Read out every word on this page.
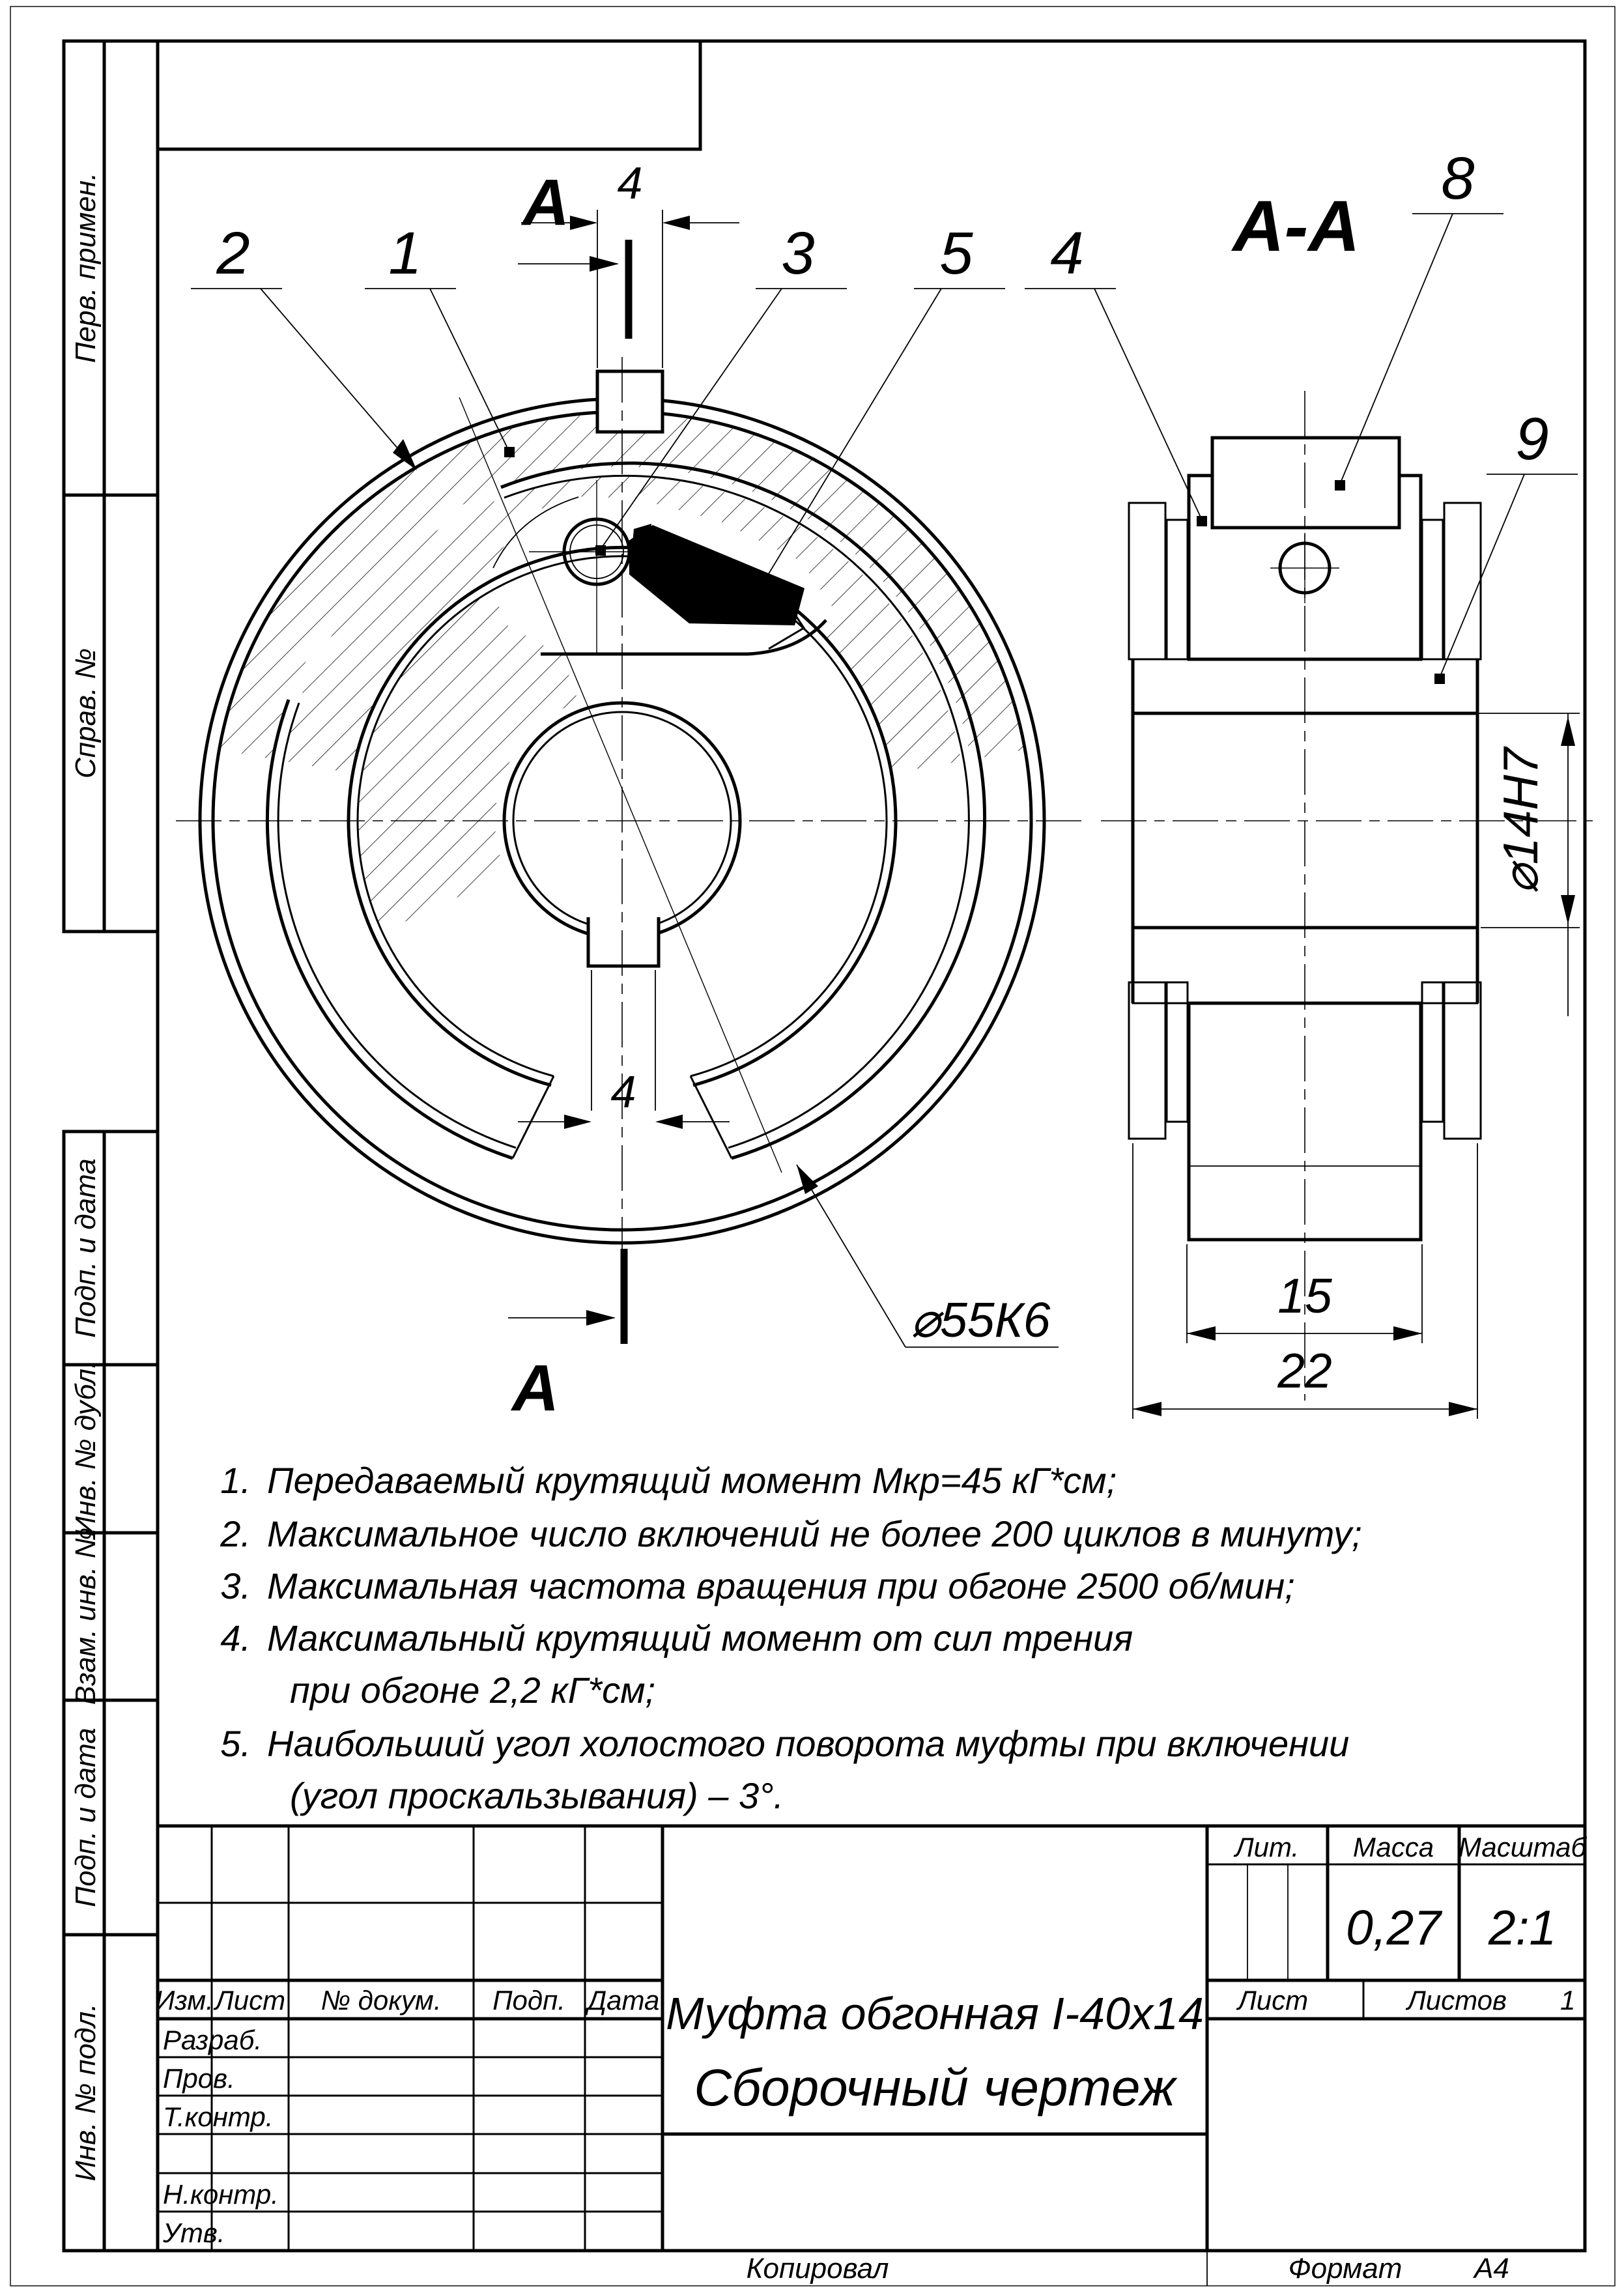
Перв. примен.
Справ. №
Подп. и дата
Инв. № дубл.
Взам. инв. №
Подп. и дата
Инв. № подл.
4
А
А
4
⌀55К6
А-А
⌀14Н7
15
22
2 1	3 5 4
8
9
1. Передаваемый крутящий момент Мкр=45 кГ*см;
2. Максимальное число включений не более 200 циклов в минуту;
3. Максимальная частота вращения при обгоне 2500 об/мин;
4. Максимальный крутящий момент от сил трения
при обгоне 2,2 кГ*см;
5. Наибольший угол холостого поворота муфты при включении
(угол проскальзывания) – 3°.
Изм. Лист № докум. Подп. Дата
Разраб.
Пров.
Т.контр.
Н.контр.
Утв.
Муфта обгонная I-40х14
Сборочный чертеж
Лит. Масса Масштаб
0,27 2:1
Лист	Листов 1
Копировал	Формат	А4
